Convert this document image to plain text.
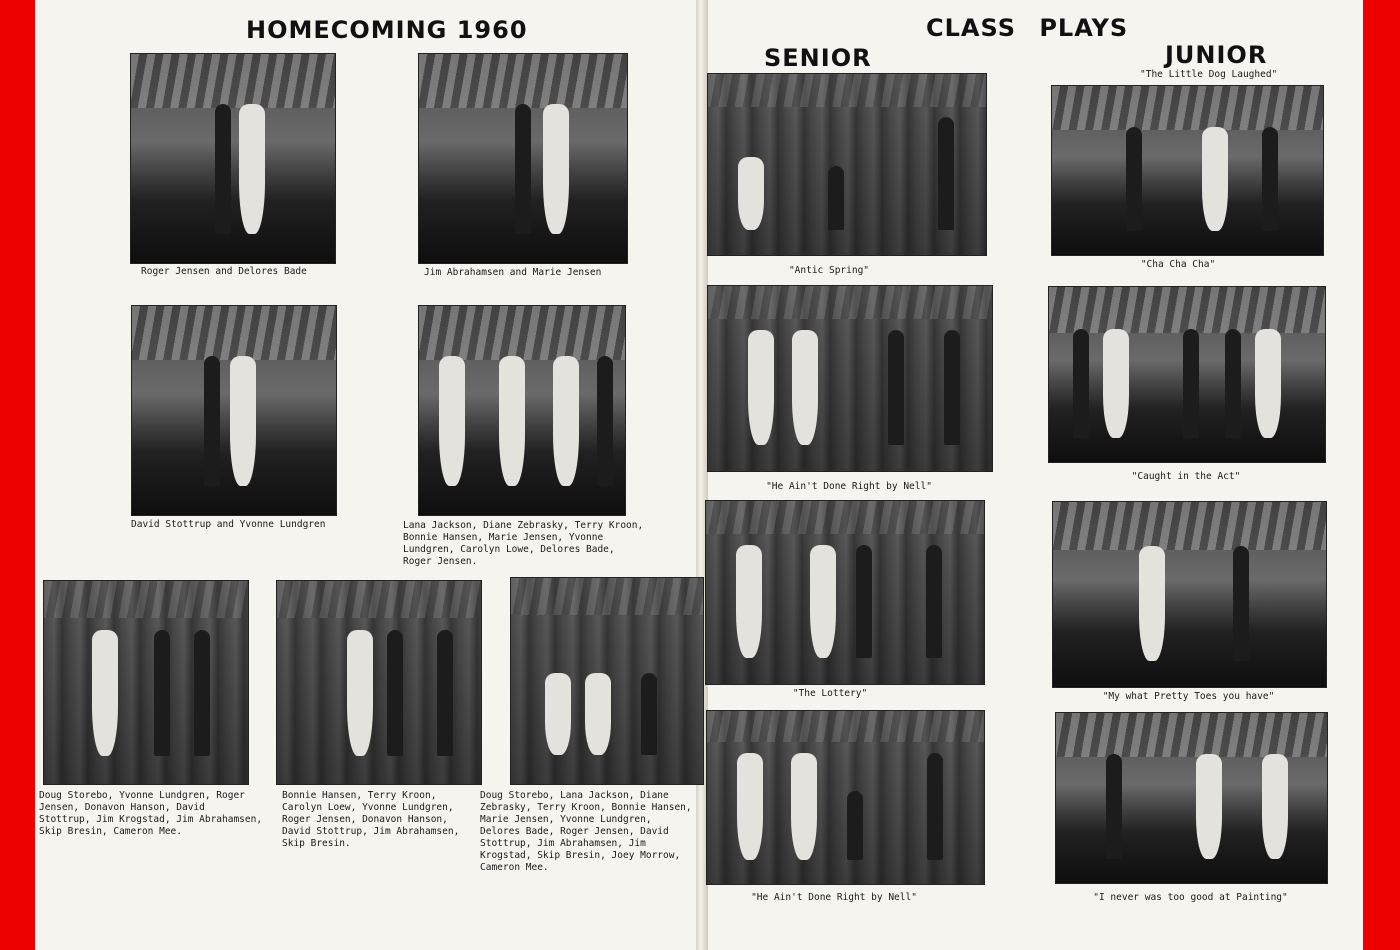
HOMECOMING 1960

Roger Jensen and Delores Bade	Jim Abrahamsen and Marie Jensen

David Stottrup and Yvonne Lundgren	Lana Jackson, Diane Zebrasky, Terry Kroon,
Bonnie Hansen, Marie Jensen, Yvonne
Lundgren, Carolyn Lowe, Delores Bade,
Roger Jensen.

Doug Storebo, Yvonne Lundgren, Roger
Jensen, Donavon Hanson, David
Stottrup, Jim Krogstad, Jim Abrahamsen,
Skip Bresin, Cameron Mee.

Bonnie Hansen, Terry Kroon,
Carolyn Loew, Yvonne Lundgren,
Roger Jensen, Donavon Hanson,
David Stottrup, Jim Abrahamsen,
Skip Bresin.

Doug Storebo, Lana Jackson, Diane
Zebrasky, Terry Kroon, Bonnie Hansen,
Marie Jensen, Yvonne Lundgren,
Delores Bade, Roger Jensen, David
Stottrup, Jim Abrahamsen, Jim
Krogstad, Skip Bresin, Joey Morrow,
Cameron Mee.

CLASS PLAYS
SENIOR	JUNIOR

"The Little Dog Laughed"

"Antic Spring"

"He Ain't Done Right by Nell"

"The Lottery"

"He Ain't Done Right by Nell"

"Cha Cha Cha"

"Caught in the Act"

"My what Pretty Toes you have"

"I never was too good at Painting"
